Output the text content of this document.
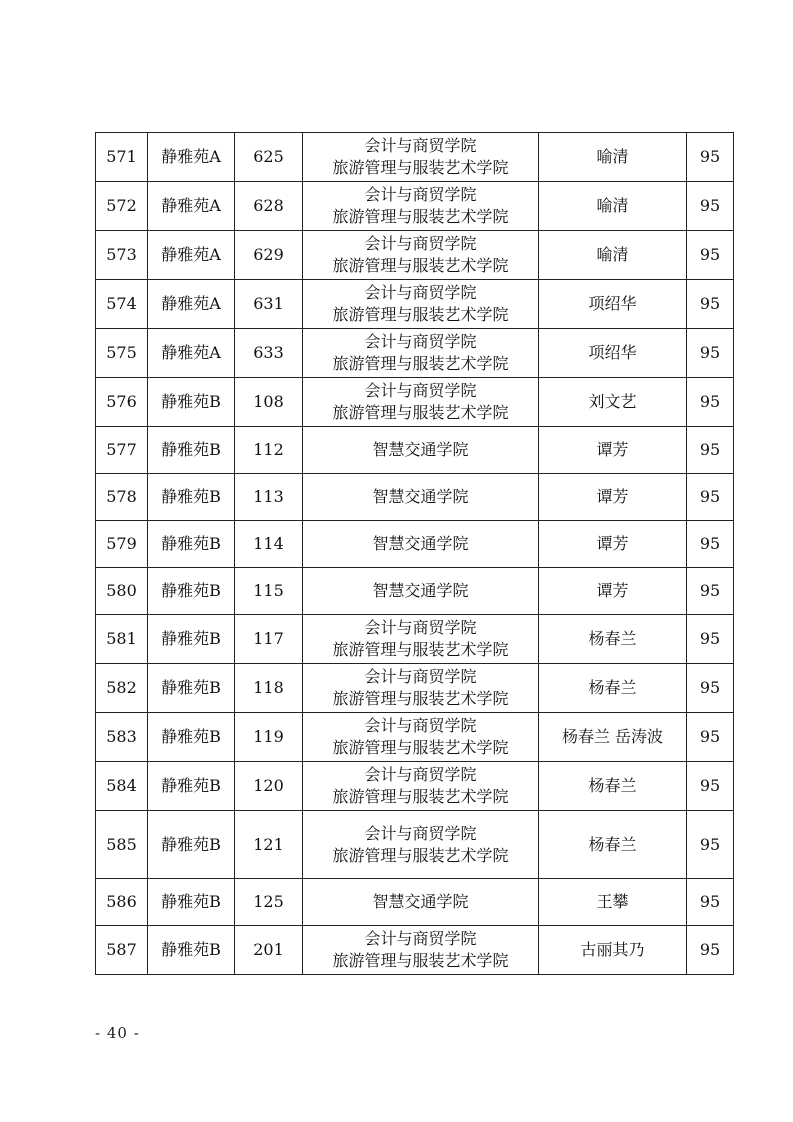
571	静雅苑A	625	会计与商贸学院
旅游管理与服装艺术学院	喻清	95
572	静雅苑A	628	会计与商贸学院
旅游管理与服装艺术学院	喻清	95
573	静雅苑A	629	会计与商贸学院
旅游管理与服装艺术学院	喻清	95
574	静雅苑A	631	会计与商贸学院
旅游管理与服装艺术学院	项绍华	95
575	静雅苑A	633	会计与商贸学院
旅游管理与服装艺术学院	项绍华	95
576	静雅苑B	108	会计与商贸学院
旅游管理与服装艺术学院	刘文艺	95
577	静雅苑B	112	智慧交通学院	谭芳	95
578	静雅苑B	113	智慧交通学院	谭芳	95
579	静雅苑B	114	智慧交通学院	谭芳	95
580	静雅苑B	115	智慧交通学院	谭芳	95
581	静雅苑B	117	会计与商贸学院
旅游管理与服装艺术学院	杨春兰	95
582	静雅苑B	118	会计与商贸学院
旅游管理与服装艺术学院	杨春兰	95
583	静雅苑B	119	会计与商贸学院
旅游管理与服装艺术学院	杨春兰 岳涛波	95
584	静雅苑B	120	会计与商贸学院
旅游管理与服装艺术学院	杨春兰	95
585	静雅苑B	121	会计与商贸学院
旅游管理与服装艺术学院	杨春兰	95
586	静雅苑B	125	智慧交通学院	王攀	95
587	静雅苑B	201	会计与商贸学院
旅游管理与服装艺术学院	古丽其乃	95
- 40 -
